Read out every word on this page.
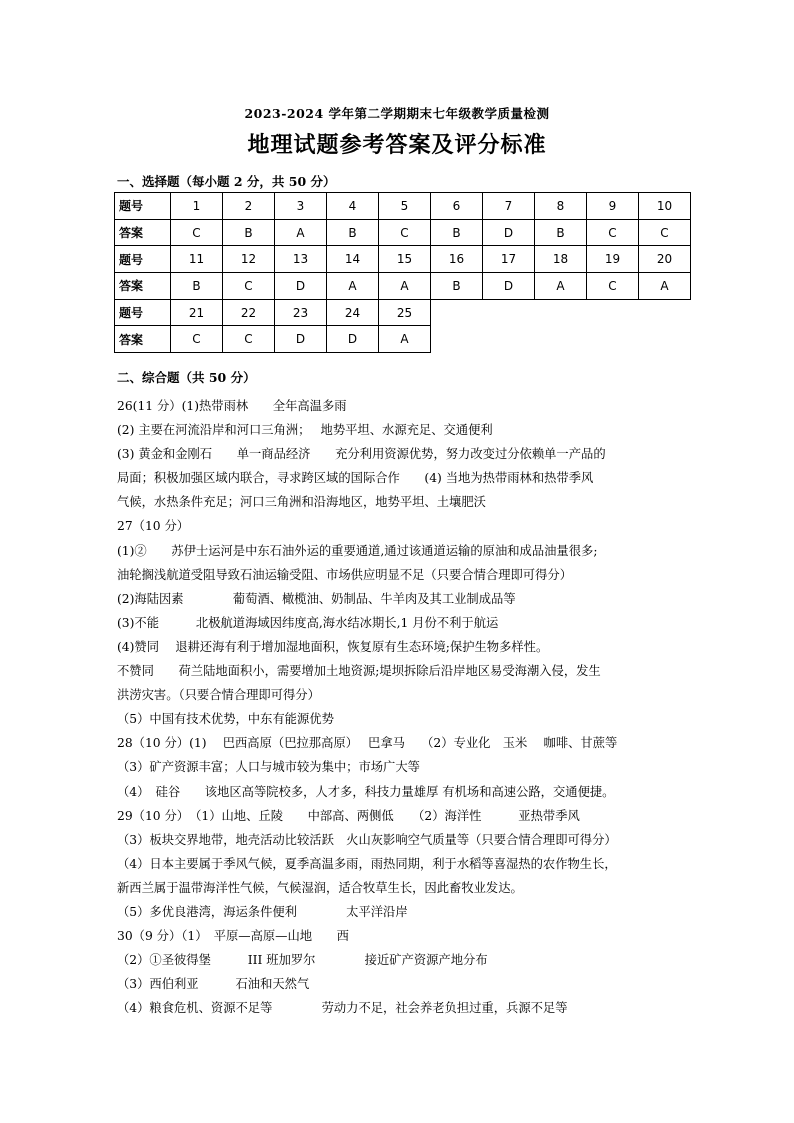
2023-2024 学年第二学期期末七年级教学质量检测
地理试题参考答案及评分标准
一、选择题（每小题 2 分，共 50 分）
题号	1	2	3	4	5	6	7	8	9	10
答案	C	B	A	B	C	B	D	B	C	C
题号	11	12	13	14	15	16	17	18	19	20
答案	B	C	D	A	A	B	D	A	C	A
题号	21	22	23	24	25					
答案	C	C	D	D	A					
二、综合题（共 50 分）
26(11 分）(1)热带雨林　　全年高温多雨
(2) 主要在河流沿岸和河口三角洲；　 地势平坦、水源充足、交通便利
(3) 黄金和金刚石　　单一商品经济　　充分利用资源优势，努力改变过分依赖单一产品的
局面；积极加强区域内联合，寻求跨区域的国际合作　　(4) 当地为热带雨林和热带季风
气候，水热条件充足；河口三角洲和沿海地区，地势平坦、土壤肥沃
27（10 分）
(1)②　　苏伊士运河是中东石油外运的重要通道,通过该通道运输的原油和成品油量很多;
油轮搁浅航道受阻导致石油运输受阻、市场供应明显不足（只要合情合理即可得分）
(2)海陆因素　　　　葡萄酒、橄榄油、奶制品、牛羊肉及其工业制成品等
(3)不能　　　北极航道海域因纬度高,海水结冰期长,1 月份不利于航运
(4)赞同　 退耕还海有利于增加湿地面积，恢复原有生态环境;保护生物多样性。
不赞同　　荷兰陆地面积小，需要增加土地资源;堤坝拆除后沿岸地区易受海潮入侵，发生
洪涝灾害。（只要合情合理即可得分）
（5）中国有技术优势，中东有能源优势
28（10 分）(1)　 巴西高原（巴拉那高原）　 巴拿马　 （2）专业化　玉米　 咖啡、甘蔗等
（3）矿产资源丰富；人口与城市较为集中；市场广大等
（4）　硅谷　　该地区高等院校多，人才多，科技力量雄厚 有机场和高速公路，交通便捷。
29（10 分）　（1）山地、丘陵　　中部高、两侧低　　（2）海洋性　　　亚热带季风
（3）板块交界地带，地壳活动比较活跃　火山灰影响空气质量等（只要合情合理即可得分）
（4）日本主要属于季风气候，夏季高温多雨，雨热同期，利于水稻等喜湿热的农作物生长，
新西兰属于温带海洋性气候，气候湿润，适合牧草生长，因此畜牧业发达。
（5）多优良港湾，海运条件便利　　　　太平洋沿岸
30（9 分）（1）　平原—高原—山地　　西
（2）①圣彼得堡　　　III 班加罗尔　　　　接近矿产资源产地分布
（3）西伯利亚　　　石油和天然气
（4）粮食危机、资源不足等　　　　劳动力不足，社会养老负担过重，兵源不足等
